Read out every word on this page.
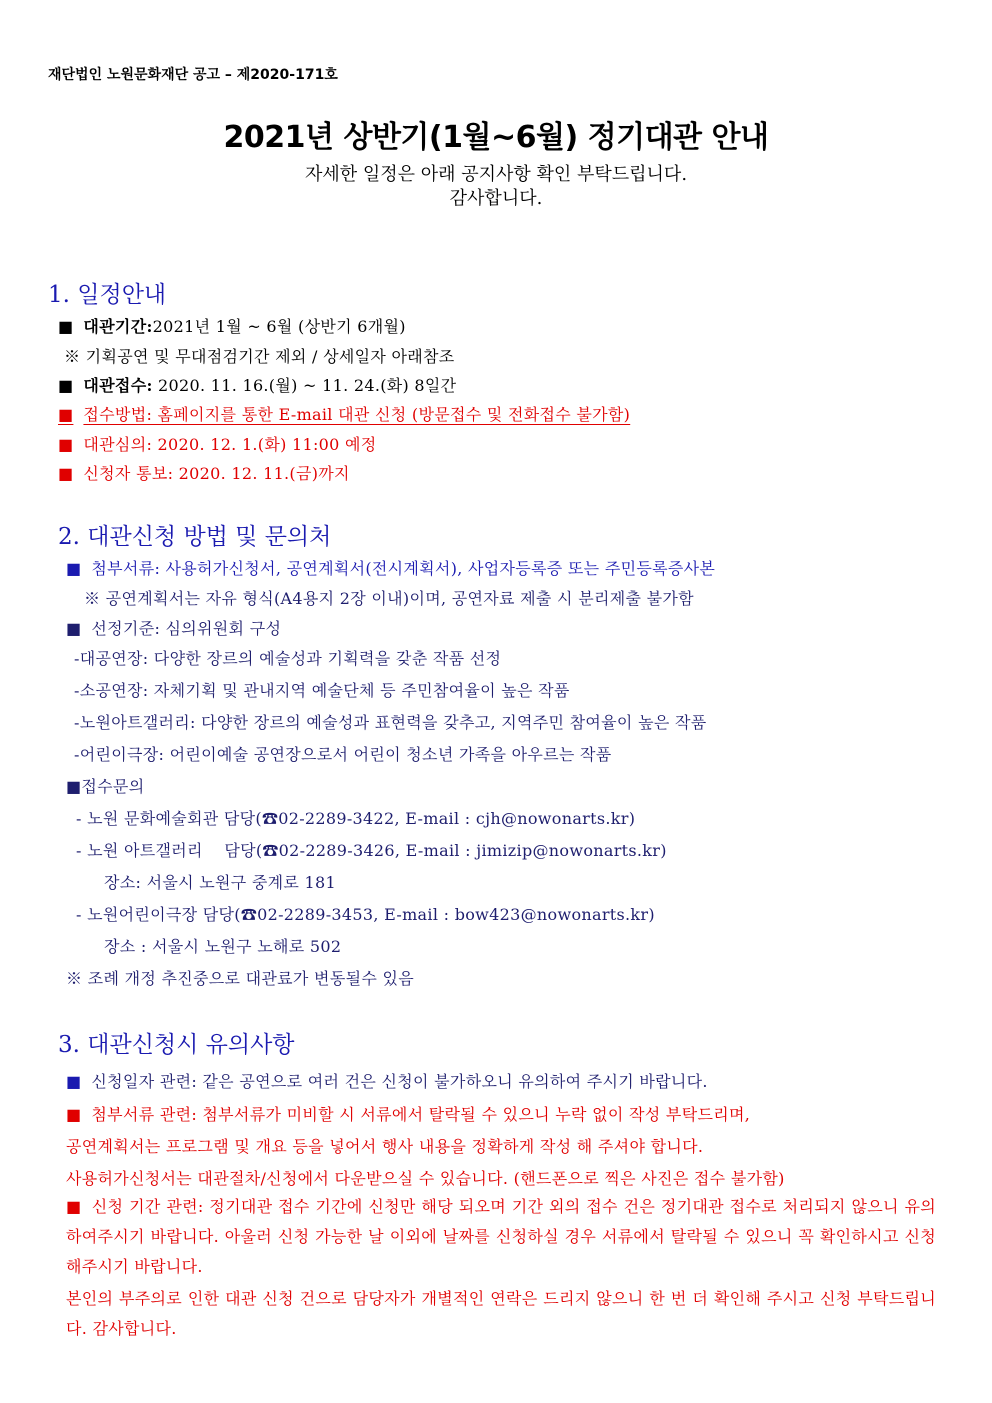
재단법인 노원문화재단 공고 – 제2020-171호
2021년 상반기(1월~6월) 정기대관 안내
자세한 일정은 아래 공지사항 확인 부탁드립니다.
감사합니다.
1. 일정안내
■ 대관기간:2021년 1월 ~ 6월 (상반기 6개월)
※ 기획공연 및 무대점검기간 제외 / 상세일자 아래참조
■ 대관접수: 2020. 11. 16.(월) ~ 11. 24.(화) 8일간
■ 접수방법: 홈페이지를 통한 E-mail 대관 신청 (방문접수 및 전화접수 불가함)
■ 대관심의: 2020. 12. 1.(화) 11:00 예정
■ 신청자 통보: 2020. 12. 11.(금)까지
2. 대관신청 방법 및 문의처
■ 첨부서류: 사용허가신청서, 공연계획서(전시계획서), 사업자등록증 또는 주민등록증사본
※ 공연계획서는 자유 형식(A4용지 2장 이내)이며, 공연자료 제출 시 분리제출 불가함
■ 선정기준: 심의위원회 구성
-대공연장: 다양한 장르의 예술성과 기획력을 갖춘 작품 선정
-소공연장: 자체기획 및 관내지역 예술단체 등 주민참여율이 높은 작품
-노원아트갤러리: 다양한 장르의 예술성과 표현력을 갖추고, 지역주민 참여율이 높은 작품
-어린이극장: 어린이예술 공연장으로서 어린이 청소년 가족을 아우르는 작품
■접수문의
- 노원 문화예술회관 담당(☎02-2289-3422, E-mail : cjh@nowonarts.kr)
- 노원 아트갤러리    담당(☎02-2289-3426, E-mail : jimizip@nowonarts.kr)
장소: 서울시 노원구 중계로 181
- 노원어린이극장 담당(☎02-2289-3453, E-mail : bow423@nowonarts.kr)
장소 : 서울시 노원구 노해로 502
※ 조례 개정 추진중으로 대관료가 변동될수 있음
3. 대관신청시 유의사항
■ 신청일자 관련: 같은 공연으로 여러 건은 신청이 불가하오니 유의하여 주시기 바랍니다.
■ 첨부서류 관련: 첨부서류가 미비할 시 서류에서 탈락될 수 있으니 누락 없이 작성 부탁드리며,
공연계획서는 프로그램 및 개요 등을 넣어서 행사 내용을 정확하게 작성 해 주셔야 합니다.
사용허가신청서는 대관절차/신청에서 다운받으실 수 있습니다. (핸드폰으로 찍은 사진은 접수 불가함)
■ 신청 기간 관련: 정기대관 접수 기간에 신청만 해당 되오며 기간 외의 접수 건은 정기대관 접수로 처리되지 않으니 유의하여주시기 바랍니다. 아울러 신청 가능한 날 이외에 날짜를 신청하실 경우 서류에서 탈락될 수 있으니 꼭 확인하시고 신청 해주시기 바랍니다.
본인의 부주의로 인한 대관 신청 건으로 담당자가 개별적인 연락은 드리지 않으니 한 번 더 확인해 주시고 신청 부탁드립니다. 감사합니다.
